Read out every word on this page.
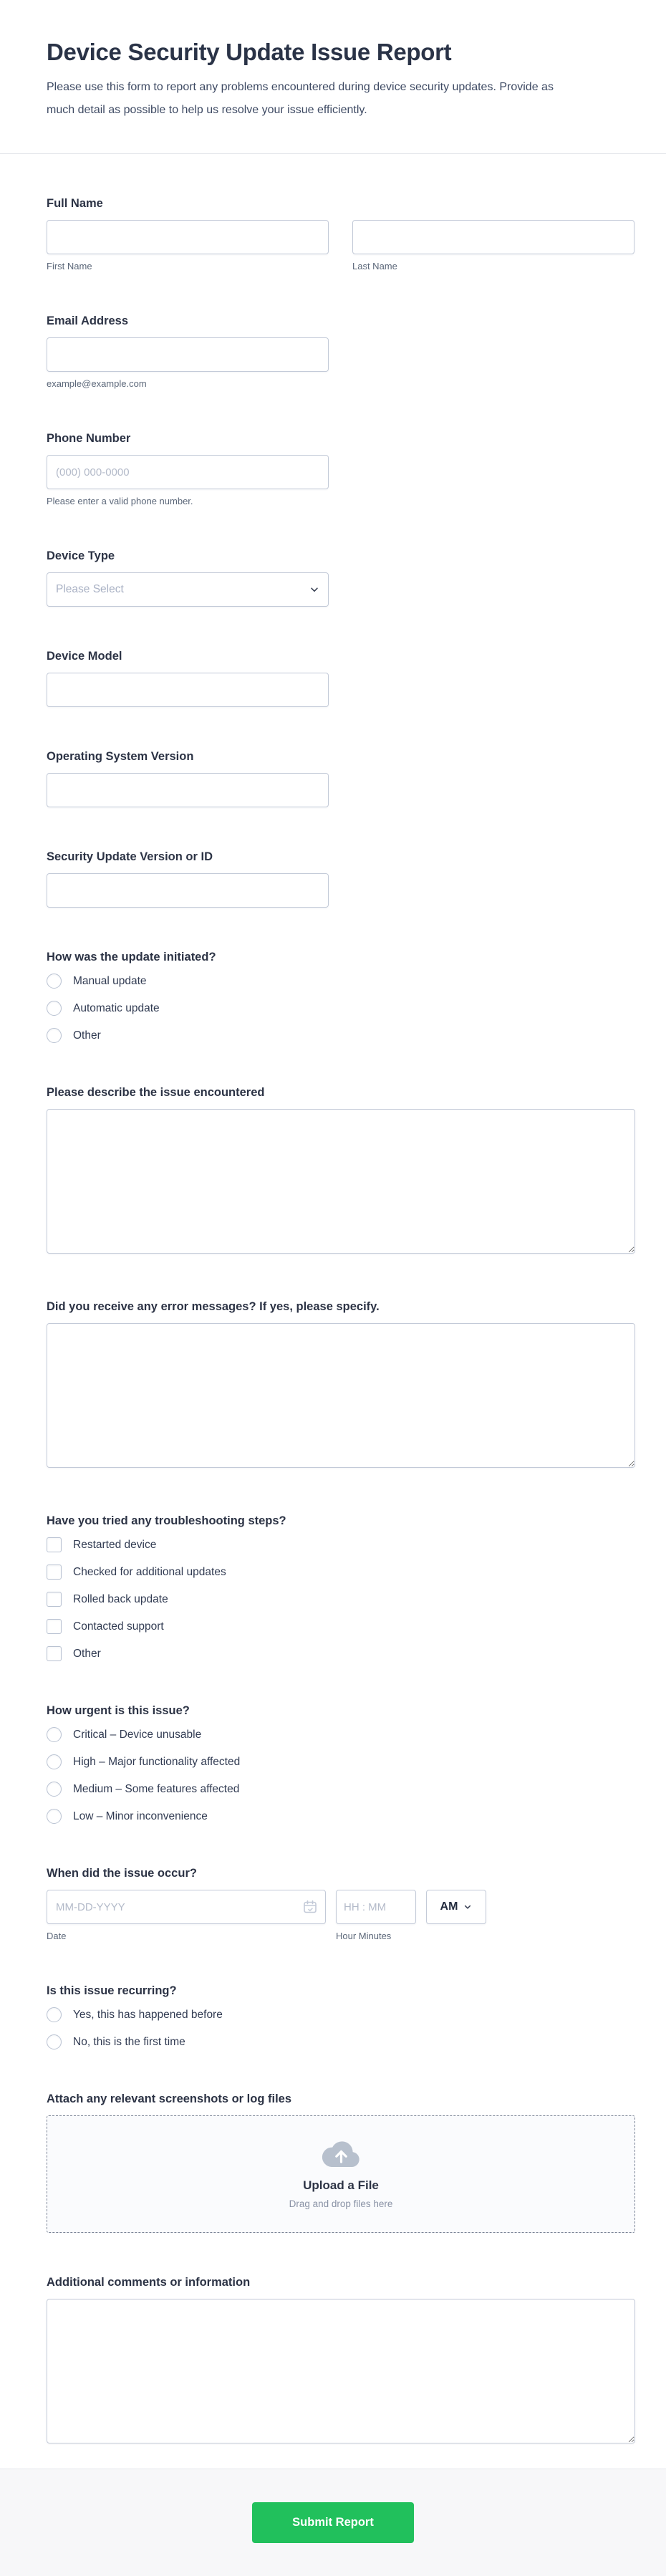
Device Security Update Issue Report

Please use this form to report any problems encountered during device security updates. Provide as much detail as possible to help us resolve your issue efficiently.

Full Name
First Name	Last Name
Email Address
example@example.com
Phone Number
(000) 000-0000
Please enter a valid phone number.
Device Type
Please Select
Device Model
Operating System Version
Security Update Version or ID
How was the update initiated?
Manual update
Automatic update
Other
Please describe the issue encountered
Did you receive any error messages? If yes, please specify.
Have you tried any troubleshooting steps?
Restarted device
Checked for additional updates
Rolled back update
Contacted support
Other
How urgent is this issue?
Critical – Device unusable
High – Major functionality affected
Medium – Some features affected
Low – Minor inconvenience
When did the issue occur?
MM-DD-YYYY
Date
HH : MM	Hour Minutes
AM
Is this issue recurring?
Yes, this has happened before
No, this is the first time
Attach any relevant screenshots or log files
Upload a File
Drag and drop files here
Additional comments or information
Submit Report
